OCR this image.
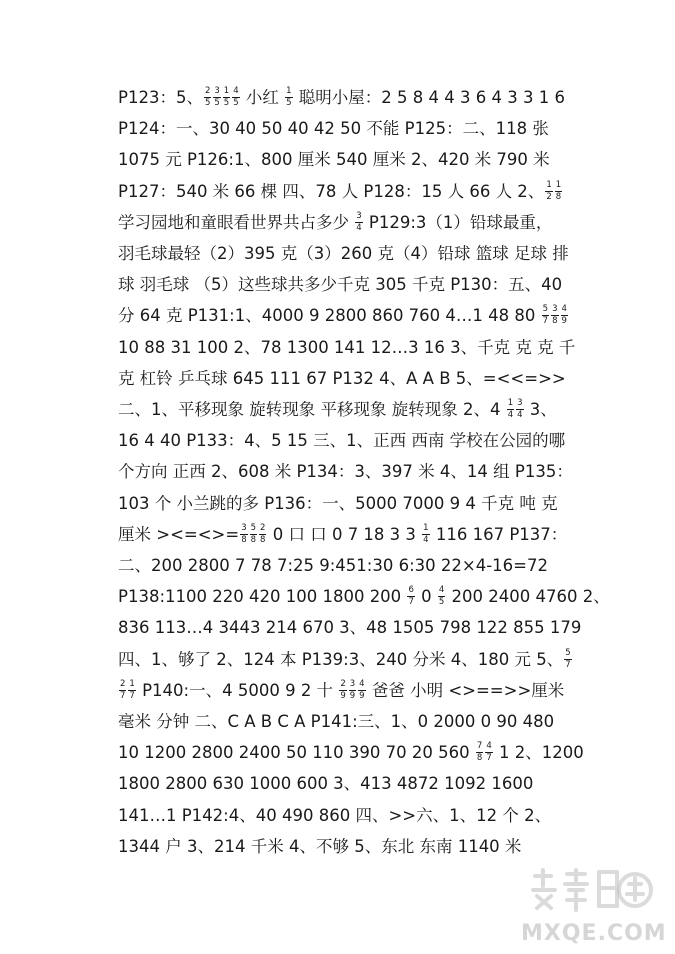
P123：5、 $\frac{2}{5} \frac{3}{5} \frac{1}{5} \frac{4}{5}$ 小红 $\frac{1}{5}$ 聪明小屋：2 5 8 4 4 3 6 4 3 3 1 6
P124：一、30 40 50 40 42 50 不能 P125：二、118 张
1075 元 P126:1、800 厘米 540 厘米 2、420 米 790 米
P127：540 米 66 棵 四、78 人 P128：15 人 66 人 2、 $\frac{1}{2} \frac{1}{8}$
学习园地和童眼看世界共占多少 $\frac{3}{4}$ P129:3（1）铅球最重，
羽毛球最轻（2）395 克（3）260 克（4）铅球 篮球 足球 排
球 羽毛球 （5）这些球共多少千克 305 千克 P130：五、40
分 64 克 P131:1、4000 9 2800 860 760 4…1 48 $80 \frac{5}{7} \frac{3}{8} \frac{4}{9}$
10 88 31 100 2、78 1300 141 12…3 16 3、千克 克 克 千
克 杠铃 乒乓球 645 111 67 P132 4、A A B 5、=<<=>>
二、1、平移现象 旋转现象 平移现象 旋转现象 2、$4 \frac{1}{4} \frac{3}{4} 3$、
16 4 40 P133：4、5 15 三、1、正西 西南 学校在公园的哪
个方向 正西 2、608 米 P134：3、397 米 4、14 组 P135：
103 个 小兰跳的多 P136：一、5000 7000 9 4 千克 吨 克
厘米 ><=<>= $\frac{3}{8} \frac{5}{8} \frac{2}{8} 0$ 口 口 0 7 18 3 $3 \frac{1}{4} 116$ 167 P137：
二、200 2800 7 78 7:25 9:451:30 6:30 22×4-16=72
P138:1100 220 420 100 1800 $200 \frac{6}{7} 0 \frac{4}{5} 200$ 2400 4760 2、
836 113…4 3443 214 670 3、48 1505 798 122 855 179
四、1、够了 2、124 本 P139:3、240 分米 4、180 元 5、 $\frac{5}{7}$
$\frac{2}{7} \frac{1}{7} P140$:一、4 5000 9 2 十 $\frac{2}{9} \frac{3}{9} \frac{4}{9}$ 爸爸 小明 <>==>>厘米
毫米 分钟 二、C A B C A P141:三、1、0 2000 0 90 480
10 1200 2800 2400 50 110 390 70 20 $560 \frac{7}{8} \frac{4}{7} 1$ 2、1200
1800 2800 630 1000 600 3、413 4872 1092 1600
141…1 P142:4、40 490 860 四、>>六、1、12 个 2、
1344 户 3、214 千米 4、不够 5、东北 东南 1140 米
MXQE.COM
